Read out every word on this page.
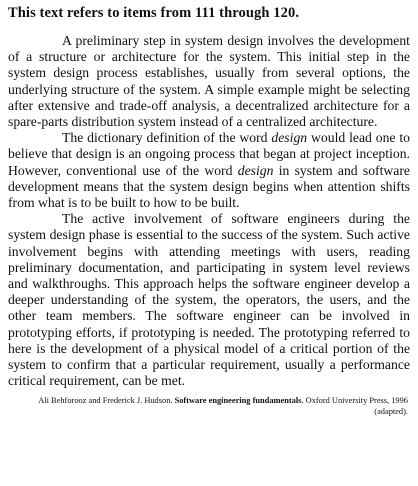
This text refers to items from 111 through 120.

A preliminary step in system design involves the development of a structure or architecture for the system. This initial step in the system design process establishes, usually from several options, the underlying structure of the system. A simple example might be selecting after extensive and trade-off analysis, a decentralized architecture for a spare-parts distribution system instead of a centralized architecture.

The dictionary definition of the word design would lead one to believe that design is an ongoing process that began at project inception. However, conventional use of the word design in system and software development means that the system design begins when attention shifts from what is to be built to how to be built.

The active involvement of software engineers during the system design phase is essential to the success of the system. Such active involvement begins with attending meetings with users, reading preliminary documentation, and participating in system level reviews and walkthroughs. This approach helps the software engineer develop a deeper understanding of the system, the operators, the users, and the other team members. The software engineer can be involved in prototyping efforts, if prototyping is needed. The prototyping referred to here is the development of a physical model of a critical portion of the system to confirm that a particular requirement, usually a performance critical requirement, can be met.

Ali Behforooz and Frederick J. Hudson. Software engineering fundamentals. Oxford University Press, 1996 (adapted).
